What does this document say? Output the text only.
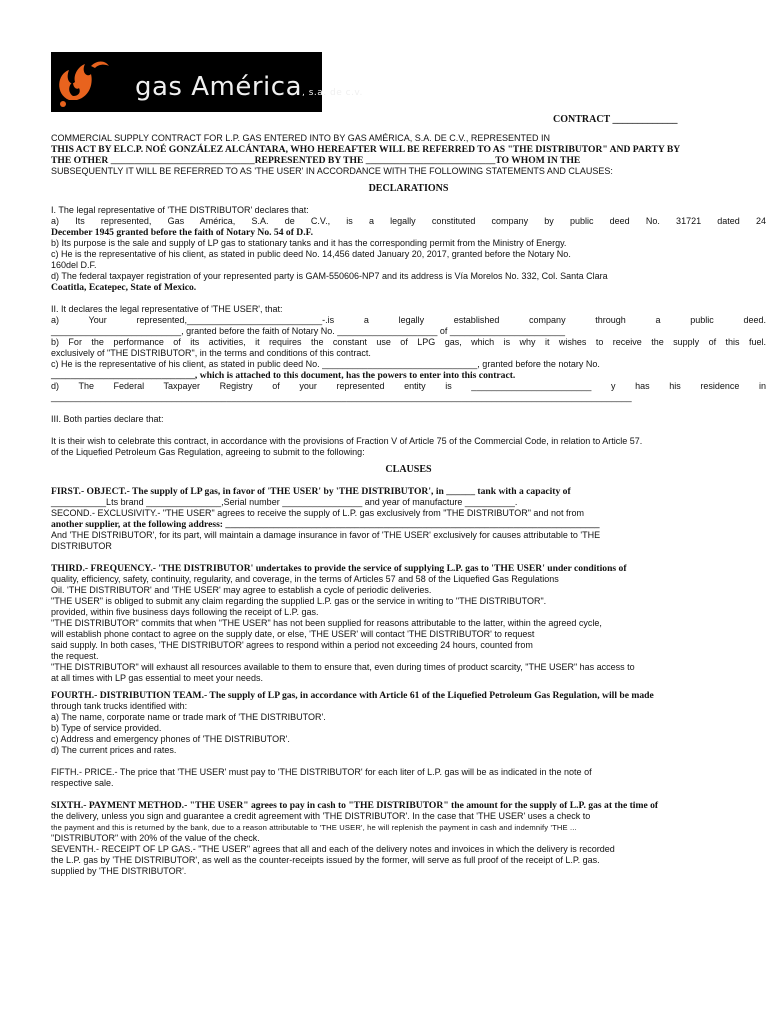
gas América, s.a. de c.v.
CONTRACT _____________

COMMERCIAL SUPPLY CONTRACT FOR L.P. GAS ENTERED INTO BY GAS AMÉRICA, S.A. DE C.V., REPRESENTED IN

THIS ACT BY ELC.P. NOÉ GONZÁLEZ ALCÁNTARA, WHO HEREAFTER WILL BE REFERRED TO AS "THE DISTRIBUTOR" AND PARTY BY

THE OTHER ______________________________REPRESENTED BY THE ___________________________TO WHOM IN THE

SUBSEQUENTLY IT WILL BE REFERRED TO AS 'THE USER' IN ACCORDANCE WITH THE FOLLOWING STATEMENTS AND CLAUSES:

DECLARATIONS

I. The legal representative of 'THE DISTRIBUTOR' declares that:

a) Its represented, Gas América, S.A. de C.V., is a legally constituted company by public deed No. 31721 dated 24

December 1945 granted before the faith of Notary No. 54 of D.F.

b) Its purpose is the sale and supply of LP gas to stationary tanks and it has the corresponding permit from the Ministry of Energy.

c) He is the representative of his client, as stated in public deed No. 14,456 dated January 20, 2017, granted before the Notary No.

160del D.F.

d) The federal taxpayer registration of your represented party is GAM-550606-NP7 and its address is Vía Morelos No. 332, Col. Santa Clara

Coatitla, Ecatepec, State of Mexico.

II. It declares the legal representative of 'THE USER', that:

a) Your represented,___________________________-.is a legally established company through a public deed.

__________________________, granted before the faith of Notary No. ____________________ of _______________________

b) For the performance of its activities, it requires the constant use of LPG gas, which is why it wishes to receive the supply of this fuel.

exclusively of "THE DISTRIBUTOR", in the terms and conditions of this contract.

c) He is the representative of his client, as stated in public deed No. _______________________________, granted before the notary No.

______________________________, which is attached to this document, has the powers to enter into this contract.

d) The Federal Taxpayer Registry of your represented entity is ________________________ y has his residence in

____________________________________________________________________________________________________________________

III. Both parties declare that:

It is their wish to celebrate this contract, in accordance with the provisions of Fraction V of Article 75 of the Commercial Code, in relation to Article 57.

of the Liquefied Petroleum Gas Regulation, agreeing to submit to the following:

CLAUSES

FIRST.- OBJECT.- The supply of LP gas, in favor of 'THE USER' by 'THE DISTRIBUTOR', in ______ tank with a capacity of

___________Lts brand _______________,Serial number ________________ and year of manufacture __________.

SECOND.- EXCLUSIVITY.- "THE USER" agrees to receive the supply of L.P. gas exclusively from "THE DISTRIBUTOR" and not from

another supplier, at the following address: ______________________________________________________________________________

And 'THE DISTRIBUTOR', for its part, will maintain a damage insurance in favor of 'THE USER' exclusively for causes attributable to 'THE

DISTRIBUTOR

THIRD.- FREQUENCY.- 'THE DISTRIBUTOR' undertakes to provide the service of supplying L.P. gas to 'THE USER' under conditions of

quality, efficiency, safety, continuity, regularity, and coverage, in the terms of Articles 57 and 58 of the Liquefied Gas Regulations

Oil. 'THE DISTRIBUTOR' and 'THE USER' may agree to establish a cycle of periodic deliveries.

"THE USER" is obliged to submit any claim regarding the supplied L.P. gas or the service in writing to "THE DISTRIBUTOR".

provided, within five business days following the receipt of L.P. gas.

"THE DISTRIBUTOR" commits that when "THE USER" has not been supplied for reasons attributable to the latter, within the agreed cycle,

will establish phone contact to agree on the supply date, or else, 'THE USER' will contact 'THE DISTRIBUTOR' to request

said supply. In both cases, 'THE DISTRIBUTOR' agrees to respond within a period not exceeding 24 hours, counted from

the request.

"THE DISTRIBUTOR" will exhaust all resources available to them to ensure that, even during times of product scarcity, "THE USER" has access to

at all times with LP gas essential to meet your needs.

FOURTH.- DISTRIBUTION TEAM.- The supply of LP gas, in accordance with Article 61 of the Liquefied Petroleum Gas Regulation, will be made

through tank trucks identified with:

a) The name, corporate name or trade mark of 'THE DISTRIBUTOR'.

b) Type of service provided.

c) Address and emergency phones of 'THE DISTRIBUTOR'.

d) The current prices and rates.

FIFTH.- PRICE.- The price that 'THE USER' must pay to 'THE DISTRIBUTOR' for each liter of L.P. gas will be as indicated in the note of

respective sale.

SIXTH.- PAYMENT METHOD.- "THE USER" agrees to pay in cash to "THE DISTRIBUTOR" the amount for the supply of L.P. gas at the time of

the delivery, unless you sign and guarantee a credit agreement with 'THE DISTRIBUTOR'. In the case that 'THE USER' uses a check to

the payment and this is returned by the bank, due to a reason attributable to 'THE USER', he will replenish the payment in cash and indemnify 'THE ...

"DISTRIBUTOR" with 20% of the value of the check.

SEVENTH.- RECEIPT OF LP GAS.- "THE USER" agrees that all and each of the delivery notes and invoices in which the delivery is recorded

the L.P. gas by 'THE DISTRIBUTOR', as well as the counter-receipts issued by the former, will serve as full proof of the receipt of L.P. gas.

supplied by 'THE DISTRIBUTOR'.
